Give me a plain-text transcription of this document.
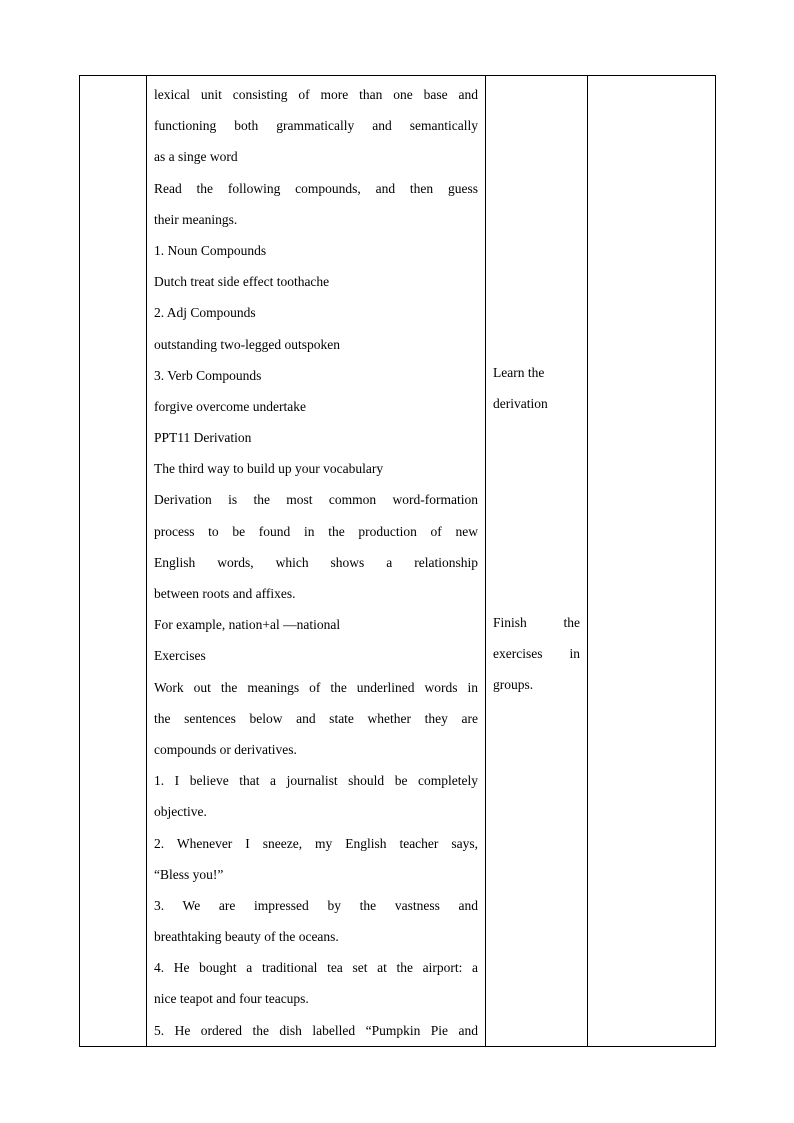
lexical unit consisting of more than one base and
functioning both grammatically and semantically
as a singe word
Read the following compounds, and then guess
their meanings.
1. Noun Compounds
Dutch treat side effect toothache
2. Adj Compounds
outstanding two-legged outspoken
3. Verb Compounds
forgive overcome undertake
PPT11 Derivation
The third way to build up your vocabulary
Derivation is the most common word-formation
process to be found in the production of new
English words, which shows a relationship
between roots and affixes.
For example, nation+al —national
Exercises
Work out the meanings of the underlined words in
the sentences below and state whether they are
compounds or derivatives.
1. I believe that a journalist should be completely
objective.
2. Whenever I sneeze, my English teacher says,
“Bless you!”
3. We are impressed by the vastness and
breathtaking beauty of the oceans.
4. He bought a traditional tea set at the airport: a
nice teapot and four teacups.
5. He ordered the dish labelled “Pumpkin Pie and

Learn the
derivation
Finish the
exercises in
groups.
